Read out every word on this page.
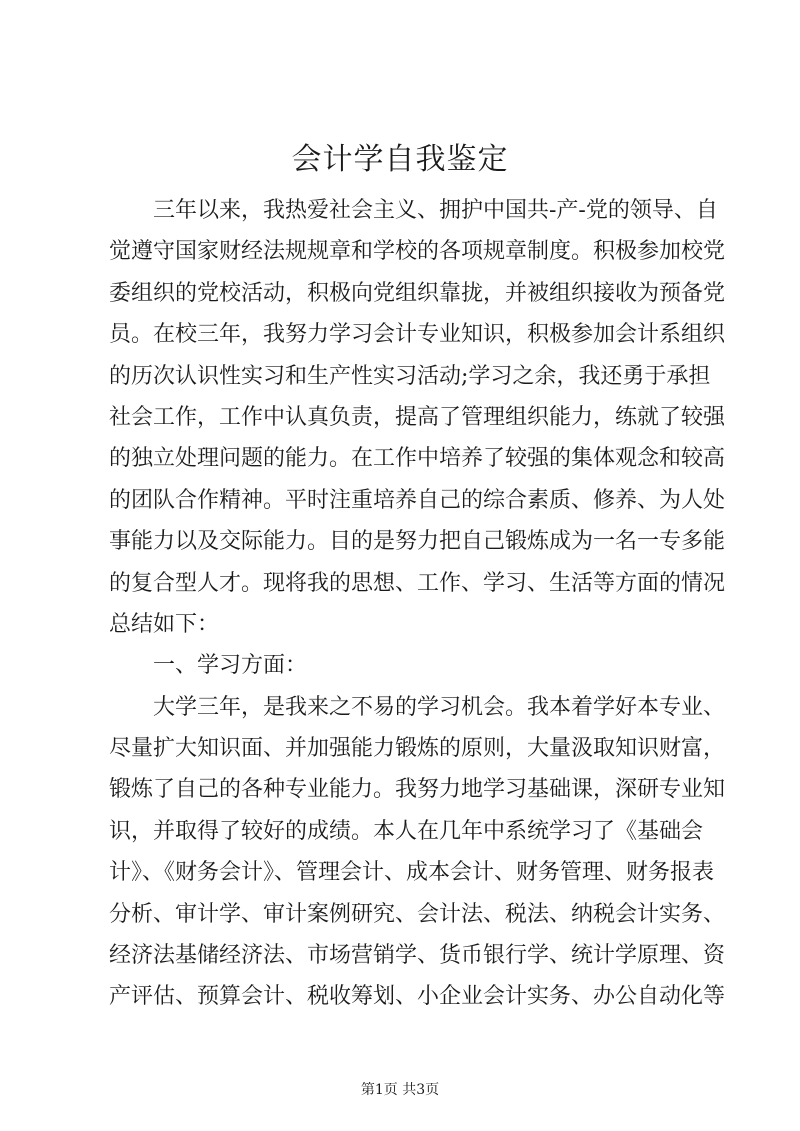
会计学自我鉴定
三年以来，我热爱社会主义、拥护中国共-产-党的领导、自
觉遵守国家财经法规规章和学校的各项规章制度。积极参加校党
委组织的党校活动，积极向党组织靠拢，并被组织接收为预备党
员。在校三年，我努力学习会计专业知识，积极参加会计系组织
的历次认识性实习和生产性实习活动;学习之余，我还勇于承担
社会工作，工作中认真负责，提高了管理组织能力，练就了较强
的独立处理问题的能力。在工作中培养了较强的集体观念和较高
的团队合作精神。平时注重培养自己的综合素质、修养、为人处
事能力以及交际能力。目的是努力把自己锻炼成为一名一专多能
的复合型人才。现将我的思想、工作、学习、生活等方面的情况
总结如下：
一、学习方面：
大学三年，是我来之不易的学习机会。我本着学好本专业、
尽量扩大知识面、并加强能力锻炼的原则，大量汲取知识财富，
锻炼了自己的各种专业能力。我努力地学习基础课，深研专业知
识，并取得了较好的成绩。本人在几年中系统学习了《基础会
计》、《财务会计》、管理会计、成本会计、财务管理、财务报表
分析、审计学、审计案例研究、会计法、税法、纳税会计实务、
经济法基储经济法、市场营销学、货币银行学、统计学原理、资
产评估、预算会计、税收筹划、小企业会计实务、办公自动化等
第1页 共3页
